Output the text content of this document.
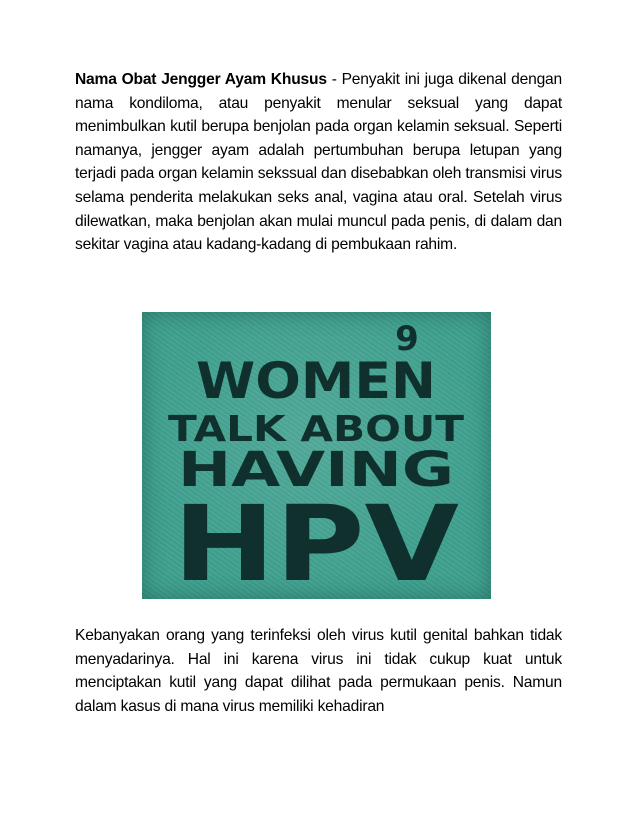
Nama Obat Jengger Ayam Khusus - Penyakit ini juga dikenal dengan nama kondiloma, atau penyakit menular seksual yang dapat menimbulkan kutil berupa benjolan pada organ kelamin seksual. Seperti namanya, jengger ayam adalah pertumbuhan berupa letupan yang terjadi pada organ kelamin sekssual dan disebabkan oleh transmisi virus selama penderita melakukan seks anal, vagina atau oral. Setelah virus dilewatkan, maka benjolan akan mulai muncul pada penis, di dalam dan sekitar vagina atau kadang-kadang di pembukaan rahim.

9
WOMEN
TALK ABOUT
HAVING
HPV

Kebanyakan orang yang terinfeksi oleh virus kutil genital bahkan tidak menyadarinya. Hal ini karena virus ini tidak cukup kuat untuk menciptakan kutil yang dapat dilihat pada permukaan penis. Namun dalam kasus di mana virus memiliki kehadiran
